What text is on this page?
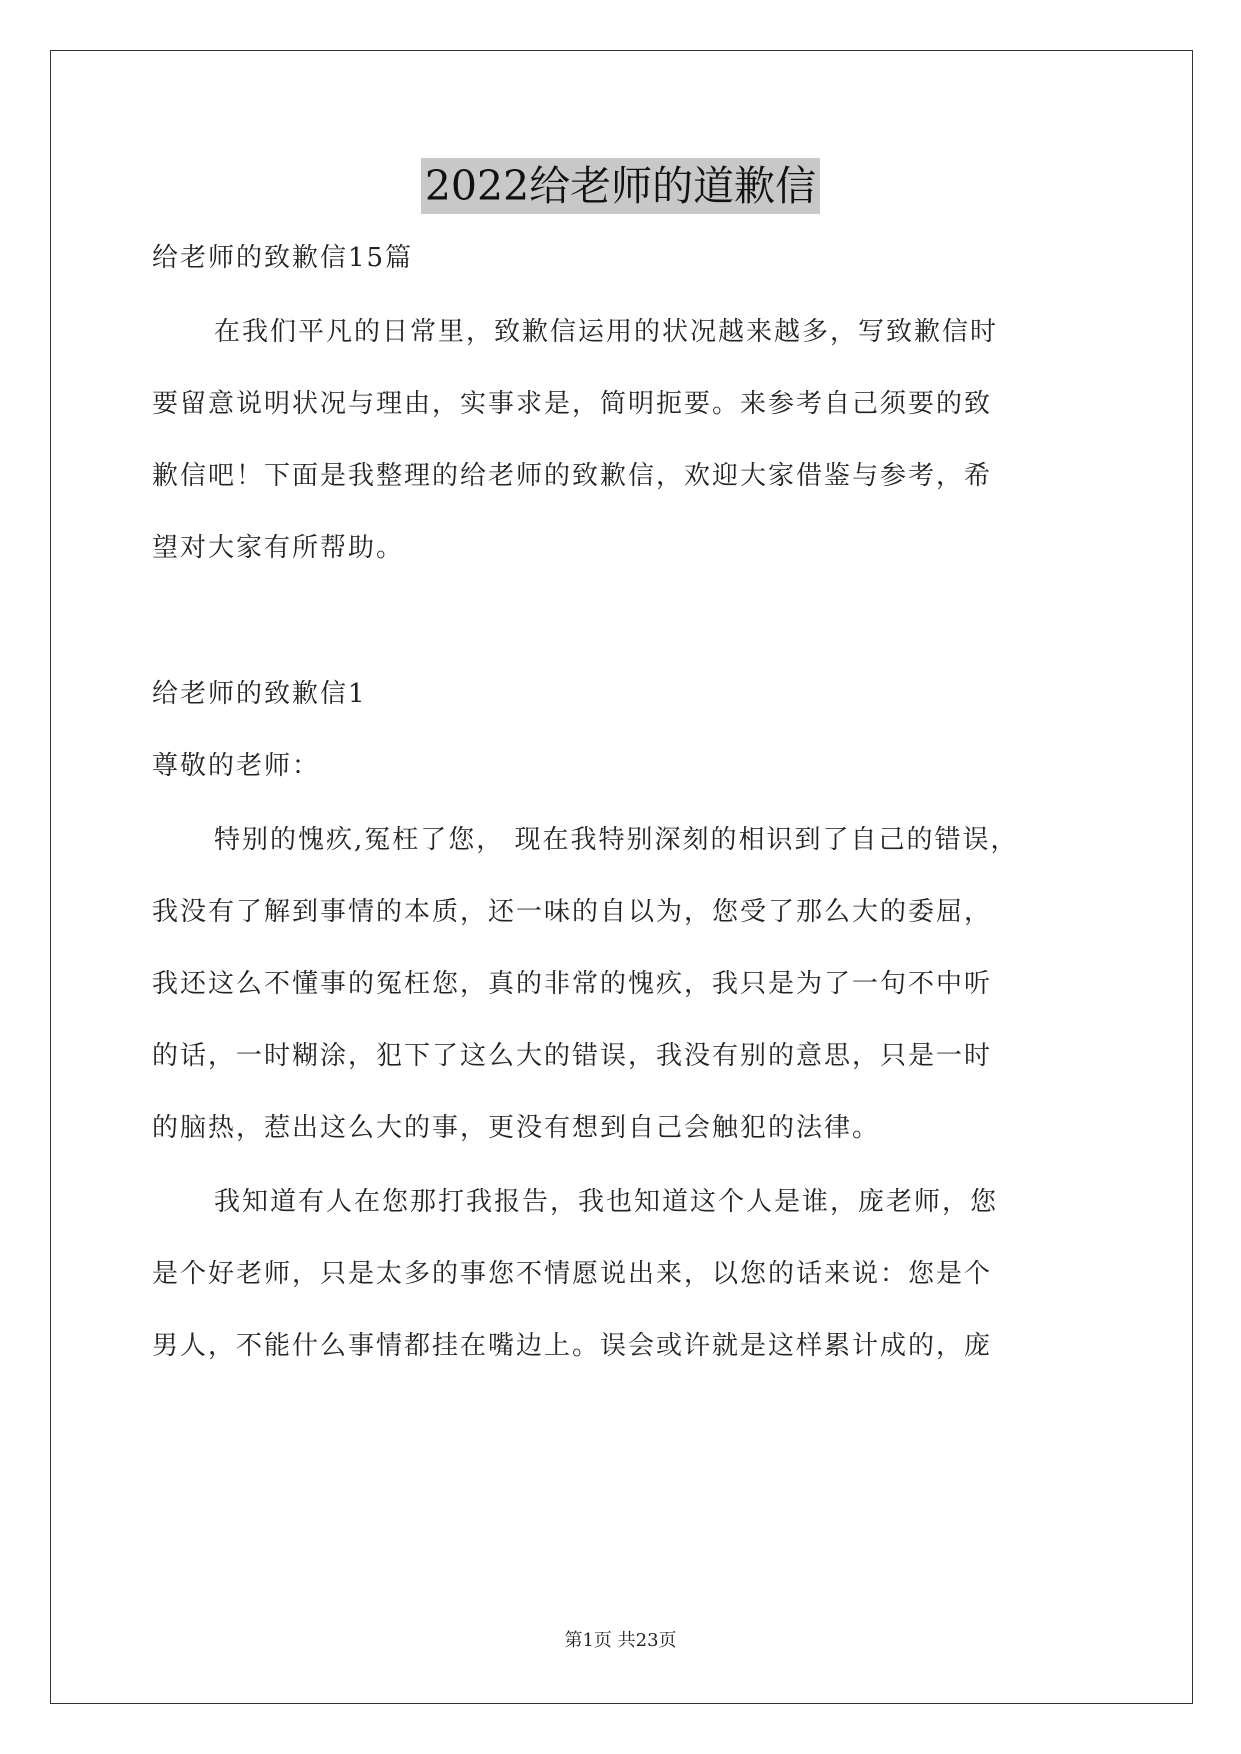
2022给老师的道歉信
给老师的致歉信15篇
在我们平凡的日常里，致歉信运用的状况越来越多，写致歉信时
要留意说明状况与理由，实事求是，简明扼要。来参考自己须要的致
歉信吧！下面是我整理的给老师的致歉信，欢迎大家借鉴与参考，希
望对大家有所帮助。
给老师的致歉信1
尊敬的老师：
特别的愧疚,冤枉了您， 现在我特别深刻的相识到了自己的错误，
我没有了解到事情的本质，还一味的自以为，您受了那么大的委屈，
我还这么不懂事的冤枉您，真的非常的愧疚，我只是为了一句不中听
的话，一时糊涂，犯下了这么大的错误，我没有别的意思，只是一时
的脑热，惹出这么大的事，更没有想到自己会触犯的法律。
我知道有人在您那打我报告，我也知道这个人是谁，庞老师，您
是个好老师，只是太多的事您不情愿说出来，以您的话来说：您是个
男人，不能什么事情都挂在嘴边上。误会或许就是这样累计成的，庞
第1页 共23页
